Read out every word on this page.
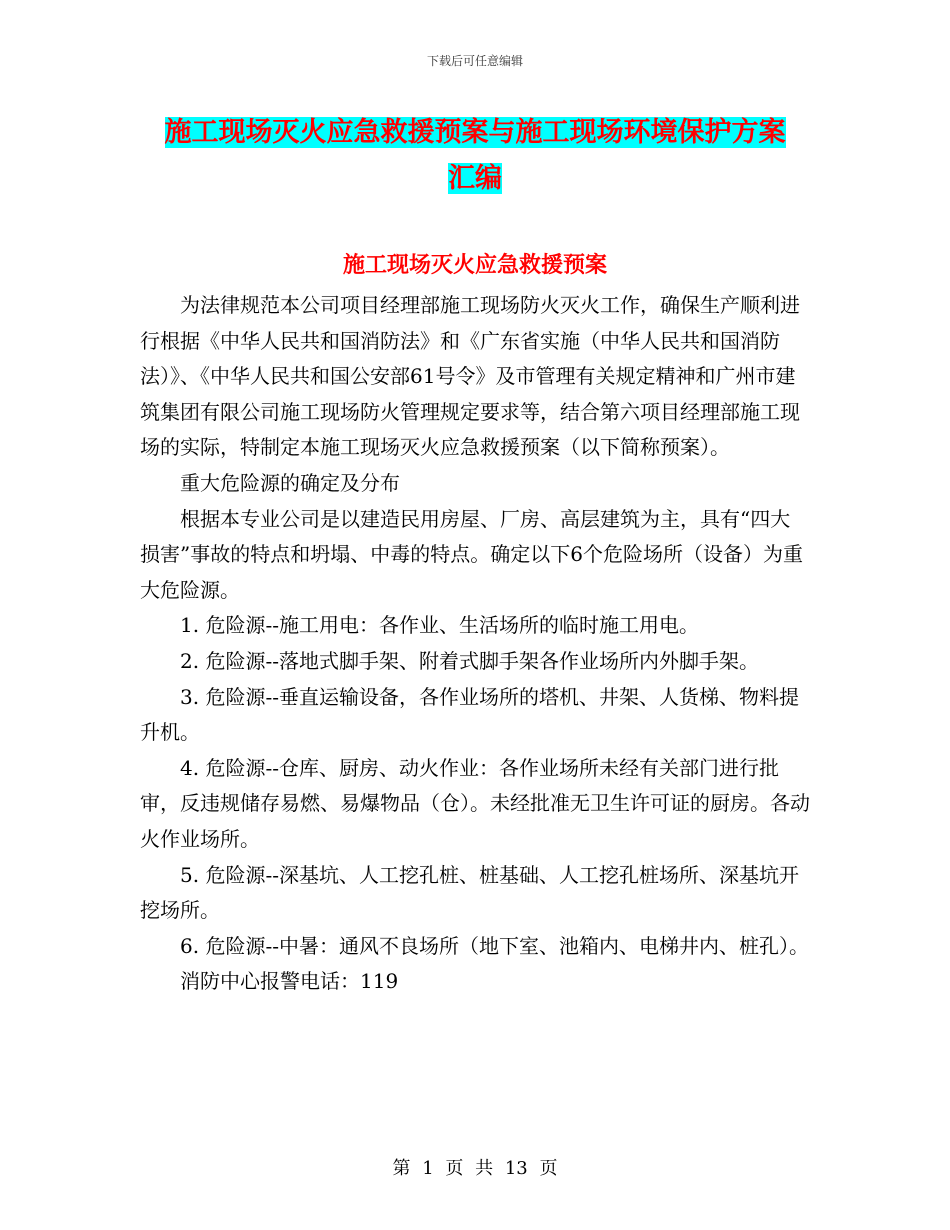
下载后可任意编辑
施工现场灭火应急救援预案与施工现场环境保护方案
汇编
施工现场灭火应急救援预案

为法律规范本公司项目经理部施工现场防火灭火工作，确保生产顺利进行根据《中华人民共和国消防法》和《广东省实施（中华人民共和国消防法）》、《中华人民共和国公安部61号令》及市管理有关规定精神和广州市建筑集团有限公司施工现场防火管理规定要求等，结合第六项目经理部施工现场的实际，特制定本施工现场灭火应急救援预案（以下简称预案）。

重大危险源的确定及分布

根据本专业公司是以建造民用房屋、厂房、高层建筑为主，具有“四大损害”事故的特点和坍塌、中毒的特点。确定以下6个危险场所（设备）为重大危险源。

1. 危险源--施工用电：各作业、生活场所的临时施工用电。

2. 危险源--落地式脚手架、附着式脚手架各作业场所内外脚手架。

3. 危险源--垂直运输设备，各作业场所的塔机、井架、人货梯、物料提升机。

4. 危险源--仓库、厨房、动火作业：各作业场所未经有关部门进行批审，反违规储存易燃、易爆物品（仓）。未经批准无卫生许可证的厨房。各动火作业场所。

5. 危险源--深基坑、人工挖孔桩、桩基础、人工挖孔桩场所、深基坑开挖场所。

6. 危险源--中暑：通风不良场所（地下室、池箱内、电梯井内、桩孔）。

消防中心报警电话：119

第 1 页 共 13 页
